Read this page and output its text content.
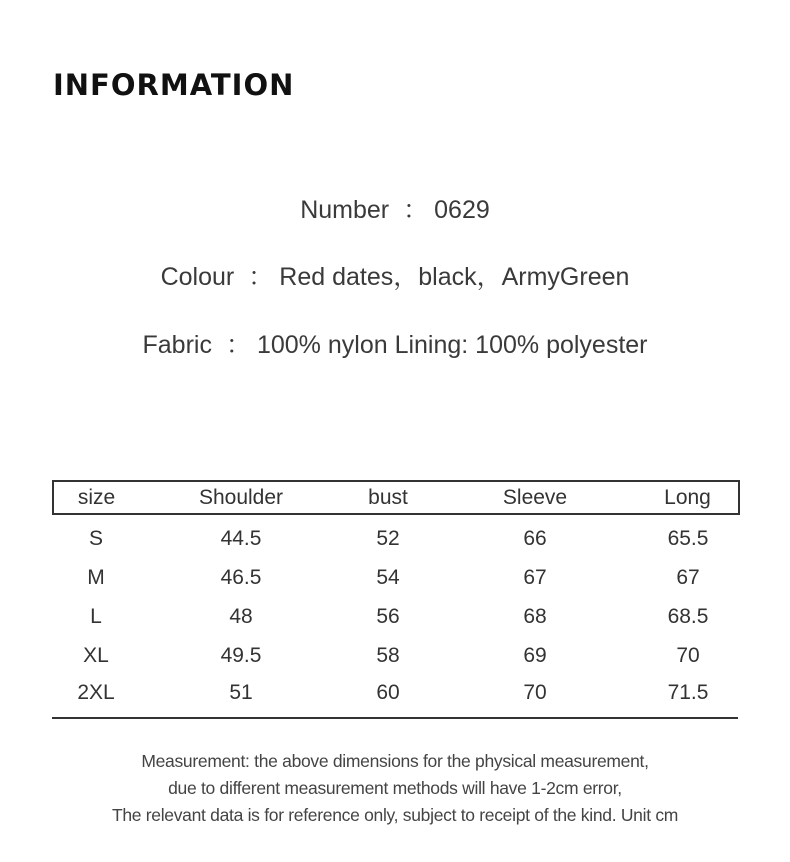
INFORMATION
Number ： 0629
Colour ： Red dates，black，ArmyGreen
Fabric ： 100% nylon Lining: 100% polyester
size	Shoulder	bust	Sleeve	Long
S	44.5	52	66	65.5
M	46.5	54	67	67
L	48	56	68	68.5
XL	49.5	58	69	70
2XL	51	60	70	71.5
Measurement: the above dimensions for the physical measurement,
due to different measurement methods will have 1-2cm error,
The relevant data is for reference only, subject to receipt of the kind. Unit cm
